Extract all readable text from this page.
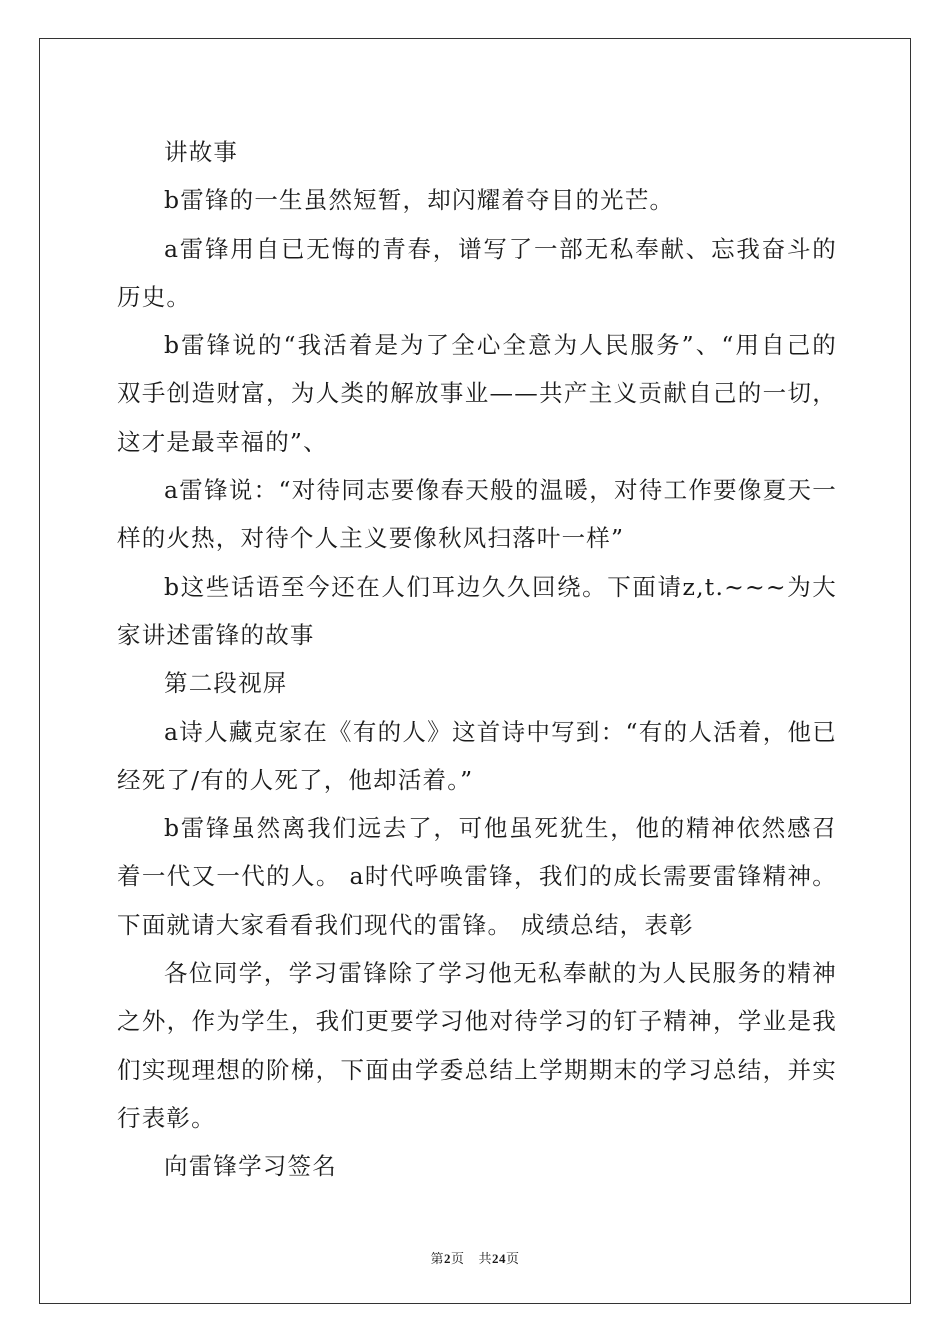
讲故事

b雷锋的一生虽然短暂，却闪耀着夺目的光芒。

a雷锋用自已无悔的青春，谱写了一部无私奉献、忘我奋斗的历史。

b雷锋说的“我活着是为了全心全意为人民服务”、“用自己的双手创造财富，为人类的解放事业——共产主义贡献自己的一切，这才是最幸福的”、

a雷锋说：“对待同志要像春天般的温暖，对待工作要像夏天一样的火热，对待个人主义要像秋风扫落叶一样”

b这些话语至今还在人们耳边久久回绕。下面请z,t.~~~为大家讲述雷锋的故事

第二段视屏

a诗人藏克家在《有的人》这首诗中写到：“有的人活着，他已经死了/有的人死了，他却活着。”

b雷锋虽然离我们远去了，可他虽死犹生，他的精神依然感召着一代又一代的人。 a时代呼唤雷锋，我们的成长需要雷锋精神。下面就请大家看看我们现代的雷锋。 成绩总结，表彰

各位同学，学习雷锋除了学习他无私奉献的为人民服务的精神之外，作为学生，我们更要学习他对待学习的钉子精神，学业是我们实现理想的阶梯，下面由学委总结上学期期末的学习总结，并实行表彰。

向雷锋学习签名

第2页 共24页
